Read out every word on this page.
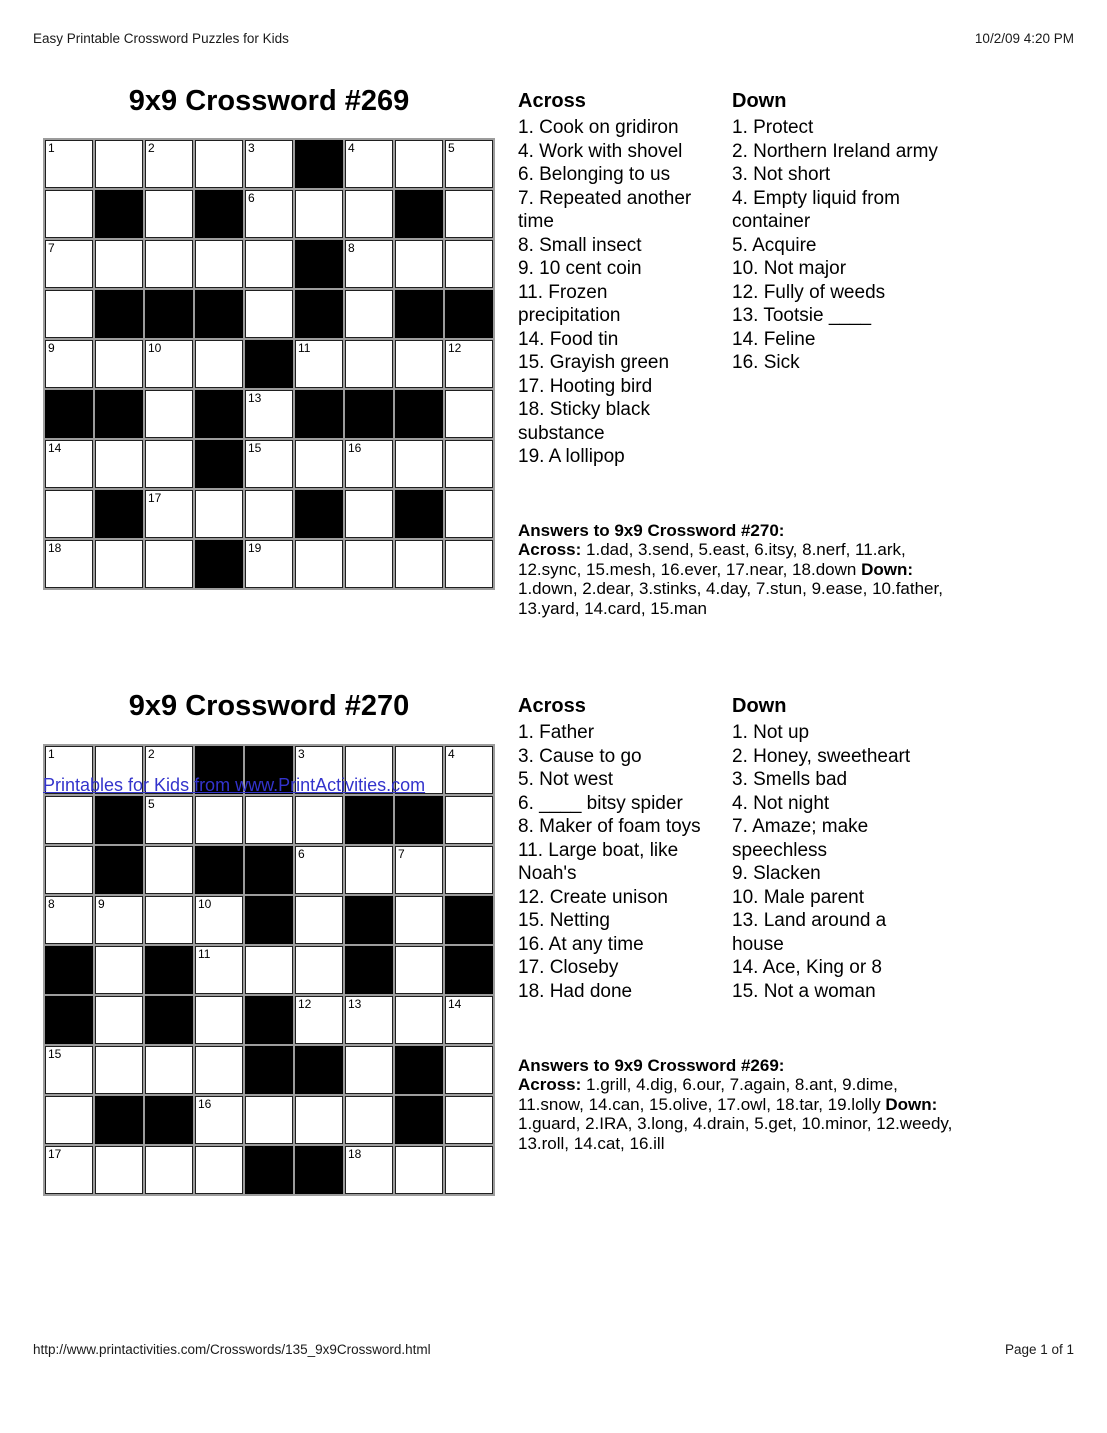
Easy Printable Crossword Puzzles for Kids	10/2/09 4:20 PM
9x9 Crossword #269
1	2	3	4	5
6
7	8
9	10	11	12
13
14	15	16
17
18	19
Across
1. Cook on gridiron
4. Work with shovel
6. Belonging to us
7. Repeated another time
8. Small insect
9. 10 cent coin
11. Frozen precipitation
14. Food tin
15. Grayish green
17. Hooting bird
18. Sticky black substance
19. A lollipop
Down
1. Protect
2. Northern Ireland army
3. Not short
4. Empty liquid from container
5. Acquire
10. Not major
12. Fully of weeds
13. Tootsie ____
14. Feline
16. Sick
Answers to 9x9 Crossword #270:
Across: 1.dad, 3.send, 5.east, 6.itsy, 8.nerf, 11.ark,
12.sync, 15.mesh, 16.ever, 17.near, 18.down Down:
1.down, 2.dear, 3.stinks, 4.day, 7.stun, 9.ease, 10.father,
13.yard, 14.card, 15.man
9x9 Crossword #270
1	2	3	4
5
6	7
8	9	10
11
12	13	14
15
16
17	18
Printables for Kids from www.PrintActivities.com
Across
1. Father
3. Cause to go
5. Not west
6. ____ bitsy spider
8. Maker of foam toys
11. Large boat, like Noah's
12. Create unison
15. Netting
16. At any time
17. Closeby
18. Had done
Down
1. Not up
2. Honey, sweetheart
3. Smells bad
4. Not night
7. Amaze; make speechless
9. Slacken
10. Male parent
13. Land around a house
14. Ace, King or 8
15. Not a woman
Answers to 9x9 Crossword #269:
Across: 1.grill, 4.dig, 6.our, 7.again, 8.ant, 9.dime,
11.snow, 14.can, 15.olive, 17.owl, 18.tar, 19.lolly Down:
1.guard, 2.IRA, 3.long, 4.drain, 5.get, 10.minor, 12.weedy,
13.roll, 14.cat, 16.ill
http://www.printactivities.com/Crosswords/135_9x9Crossword.html	Page 1 of 1
